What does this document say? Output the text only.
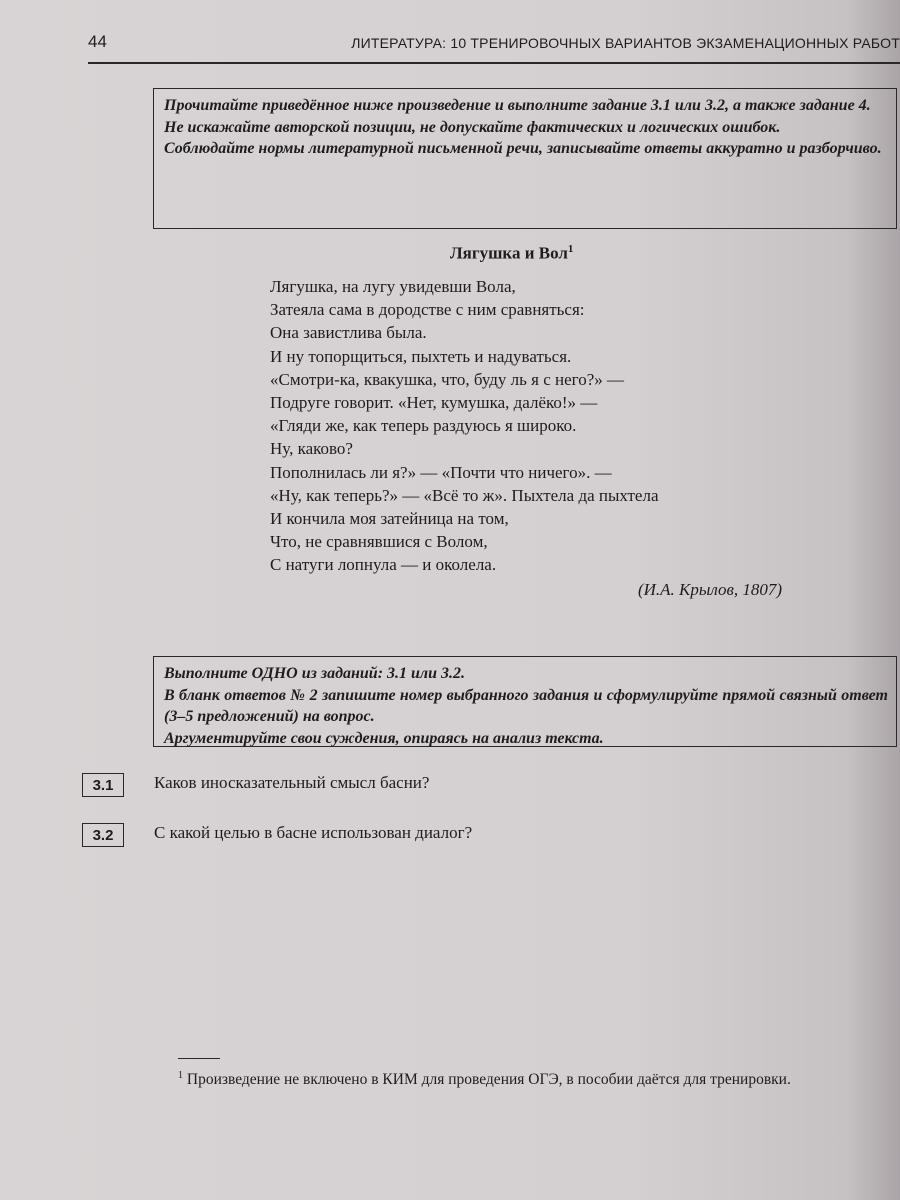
44	ЛИТЕРАТУРА: 10 ТРЕНИРОВОЧНЫХ ВАРИАНТОВ ЭКЗАМЕНАЦИОННЫХ РАБОТ

Прочитайте приведённое ниже произведение и выполните задание 3.1 или 3.2, а также задание 4.

Не искажайте авторской позиции, не допускайте фактических и логических ошибок.

Соблюдайте нормы литературной письменной речи, записывайте ответы аккуратно и разборчиво.

Лягушка и Вол$^1$
Лягушка, на лугу увидевши Вола,
Затеяла сама в дородстве с ним сравняться:
Она завистлива была.
И ну топорщиться, пыхтеть и надуваться.
«Смотри-ка, квакушка, что, буду ль я с него?» —
Подруге говорит. «Нет, кумушка, далёко!» —
«Гляди же, как теперь раздуюсь я широко.
Ну, каково?
Пополнилась ли я?» — «Почти что ничего». —
«Ну, как теперь?» — «Всё то ж». Пыхтела да пыхтела
И кончила моя затейница на том,
Что, не сравнявшися с Волом,
С натуги лопнула — и околела.
(И.А. Крылов, 1807)

Выполните ОДНО из заданий: 3.1 или 3.2.

В бланк ответов № 2 запишите номер выбранного задания и сформулируйте прямой связный ответ (3–5 предложений) на вопрос.

Аргументируйте свои суждения, опираясь на анализ текста.

3.1	Каков иносказательный смысл басни?
3.2	С какой целью в басне использован диалог?
$^1$ Произведение не включено в КИМ для проведения ОГЭ, в пособии даётся для тренировки.
